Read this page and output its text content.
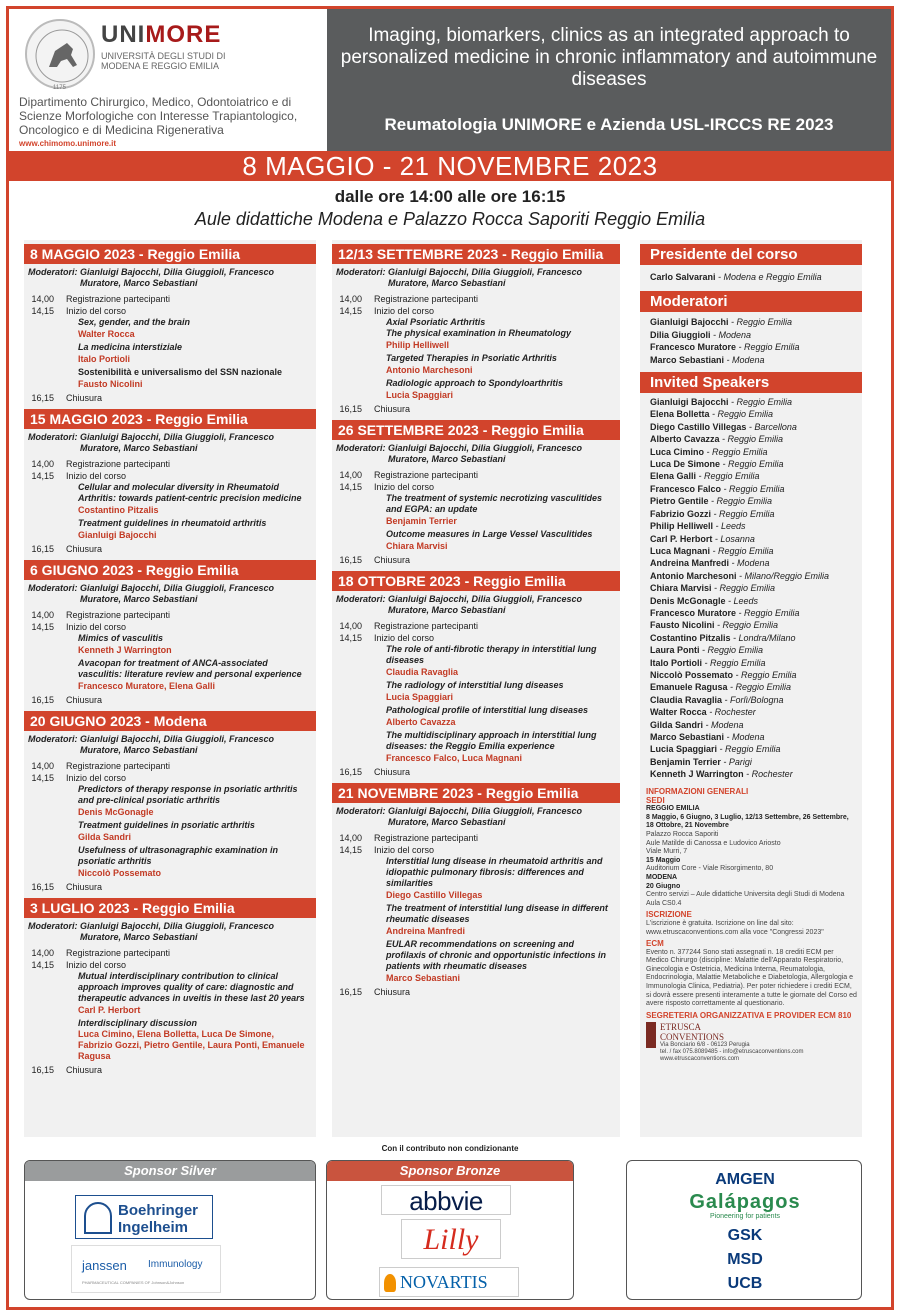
UNIMORE
UNIVERSITÀ DEGLI STUDI DI MODENA E REGGIO EMILIA
1175
Dipartimento Chirurgico, Medico, Odontoiatrico e di Scienze Morfologiche con Interesse Trapiantologico, Oncologico e di Medicina Rigenerativa
www.chimomo.unimore.it
Imaging, biomarkers, clinics as an integrated approach to personalized medicine in chronic inflammatory and autoimmune diseases
Reumatologia UNIMORE e Azienda USL-IRCCS RE 2023
8 MAGGIO - 21 NOVEMBRE 2023
dalle ore 14:00 alle ore 16:15
Aule didattiche Modena e Palazzo Rocca Saporiti Reggio Emilia
8 MAGGIO 2023 - Reggio Emilia
Moderatori: Gianluigi Bajocchi, Dilia Giuggioli, Francesco Muratore, Marco Sebastiani
14,00	Registrazione partecipanti
14,15	Inizio del corso
Sex, gender, and the brain
Walter Rocca
La medicina interstiziale
Italo Portioli
Sostenibilità e universalismo del SSN nazionale
Fausto Nicolini
16,15	Chiusura
15 MAGGIO 2023 - Reggio Emilia
Moderatori: Gianluigi Bajocchi, Dilia Giuggioli, Francesco Muratore, Marco Sebastiani
14,00	Registrazione partecipanti
14,15	Inizio del corso
Cellular and molecular diversity in Rheumatoid Arthritis: towards patient-centric precision medicine
Costantino Pitzalis
Treatment guidelines in rheumatoid arthritis
Gianluigi Bajocchi
16,15	Chiusura
6 GIUGNO 2023 - Reggio Emilia
Moderatori: Gianluigi Bajocchi, Dilia Giuggioli, Francesco Muratore, Marco Sebastiani
14,00	Registrazione partecipanti
14,15	Inizio del corso
Mimics of vasculitis
Kenneth J Warrington
Avacopan for treatment of ANCA-associated vasculitis: literature review and personal experience
Francesco Muratore, Elena Galli
16,15	Chiusura
20 GIUGNO 2023 - Modena
Moderatori: Gianluigi Bajocchi, Dilia Giuggioli, Francesco Muratore, Marco Sebastiani
14,00	Registrazione partecipanti
14,15	Inizio del corso
Predictors of therapy response in psoriatic arthritis and pre-clinical psoriatic arthritis
Denis McGonagle
Treatment guidelines in psoriatic arthritis
Gilda Sandri
Usefulness of ultrasonagraphic examination in psoriatic arthritis
Niccolò Possemato
16,15	Chiusura
3 LUGLIO 2023 - Reggio Emilia
Moderatori: Gianluigi Bajocchi, Dilia Giuggioli, Francesco Muratore, Marco Sebastiani
14,00	Registrazione partecipanti
14,15	Inizio del corso
Mutual interdisciplinary contribution to clinical approach improves quality of care: diagnostic and therapeutic advances in uveitis in these last 20 years
Carl P. Herbort
Interdisciplinary discussion
Luca Cimino, Elena Bolletta, Luca De Simone, Fabrizio Gozzi, Pietro Gentile, Laura Ponti, Emanuele Ragusa
16,15	Chiusura
12/13 SETTEMBRE 2023 - Reggio Emilia
Moderatori: Gianluigi Bajocchi, Dilia Giuggioli, Francesco Muratore, Marco Sebastiani
14,00	Registrazione partecipanti
14,15	Inizio del corso
Axial Psoriatic Arthritis
The physical examination in Rheumatology
Philip Helliwell
Targeted Therapies in Psoriatic Arthritis
Antonio Marchesoni
Radiologic approach to Spondyloarthritis
Lucia Spaggiari
16,15	Chiusura
26 SETTEMBRE 2023 - Reggio Emilia
Moderatori: Gianluigi Bajocchi, Dilia Giuggioli, Francesco Muratore, Marco Sebastiani
14,00	Registrazione partecipanti
14,15	Inizio del corso
The treatment of systemic necrotizing vasculitides and EGPA: an update
Benjamin Terrier
Outcome measures in Large Vessel Vasculitides
Chiara Marvisi
16,15	Chiusura
18 OTTOBRE 2023 - Reggio Emilia
Moderatori: Gianluigi Bajocchi, Dilia Giuggioli, Francesco Muratore, Marco Sebastiani
14,00	Registrazione partecipanti
14,15	Inizio del corso
The role of anti-fibrotic therapy in interstitial lung diseases
Claudia Ravaglia
The radiology of interstitial lung diseases
Lucia Spaggiari
Pathological profile of interstitial lung diseases
Alberto Cavazza
The multidisciplinary approach in interstitial lung diseases: the Reggio Emilia experience
Francesco Falco, Luca Magnani
16,15	Chiusura
21 NOVEMBRE 2023 - Reggio Emilia
Moderatori: Gianluigi Bajocchi, Dilia Giuggioli, Francesco Muratore, Marco Sebastiani
14,00	Registrazione partecipanti
14,15	Inizio del corso
Interstitial lung disease in rheumatoid arthritis and idiopathic pulmonary fibrosis: differences and similarities
Diego Castillo Villegas
The treatment of interstitial lung disease in different rheumatic diseases
Andreina Manfredi
EULAR recommendations on screening and profilaxis of chronic and opportunistic infections in patients with rheumatic diseases
Marco Sebastiani
16,15	Chiusura
Presidente del corso
Carlo Salvarani - Modena e Reggio Emilia
Moderatori
Gianluigi Bajocchi - Reggio Emilia
Dilia Giuggioli - Modena
Francesco Muratore - Reggio Emilia
Marco Sebastiani - Modena
Invited Speakers
Gianluigi Bajocchi - Reggio Emilia
Elena Bolletta - Reggio Emilia
Diego Castillo Villegas - Barcellona
Alberto Cavazza - Reggio Emilia
Luca Cimino - Reggio Emilia
Luca De Simone - Reggio Emilia
Elena Galli - Reggio Emilia
Francesco Falco - Reggio Emilia
Pietro Gentile - Reggio Emilia
Fabrizio Gozzi - Reggio Emilia
Philip Helliwell - Leeds
Carl P. Herbort - Losanna
Luca Magnani - Reggio Emilia
Andreina Manfredi - Modena
Antonio Marchesoni - Milano/Reggio Emilia
Chiara Marvisi - Reggio Emilia
Denis McGonagle - Leeds
Francesco Muratore - Reggio Emilia
Fausto Nicolini - Reggio Emilia
Costantino Pitzalis - Londra/Milano
Laura Ponti - Reggio Emilia
Italo Portioli - Reggio Emilia
Niccolò Possemato - Reggio Emilia
Emanuele Ragusa - Reggio Emilia
Claudia Ravaglia - Forlì/Bologna
Walter Rocca - Rochester
Gilda Sandri - Modena
Marco Sebastiani - Modena
Lucia Spaggiari - Reggio Emilia
Benjamin Terrier - Parigi
Kenneth J Warrington - Rochester
INFORMAZIONI GENERALI
SEDI
REGGIO EMILIA
8 Maggio, 6 Giugno, 3 Luglio, 12/13 Settembre, 26 Settembre, 18 Ottobre, 21 Novembre
Palazzo Rocca Saporiti
Aule Matilde di Canossa e Ludovico Ariosto
Viale Murri, 7
15 Maggio
Auditorium Core - Viale Risorgimento, 80
MODENA
20 Giugno
Centro servizi – Aule didattiche Universita degli Studi di Modena Aula CS0.4
ISCRIZIONE
L'iscrizione è gratuita. Iscrizione on line dal sito: www.etruscaconventions.com alla voce "Congressi 2023"
ECM
Evento n. 377244 Sono stati assegnati n. 18 crediti ECM per Medico Chirurgo (discipline: Malattie dell'Apparato Respiratorio, Ginecologia e Ostetricia, Medicina Interna, Reumatologia, Endocrinologia, Malattie Metaboliche e Diabetologia, Allergologia e Immunologia Clinica, Pediatria). Per poter richiedere i crediti ECM, si dovrà essere presenti interamente a tutte le giornate del Corso ed avere risposto correttamente al questionario.
SEGRETERIA ORGANIZZATIVA E PROVIDER ECM 810
ETRUSCA
CONVENTIONS
Via Bonciario 6/8 - 06123 Perugia
tel. / fax 075.8089485 - info@etruscaconventions.com
www.etruscaconventions.com
Con il contributo non condizionante
Sponsor Silver
Boehringer
Ingelheim
janssen Immunology
PHARMACEUTICAL COMPANIES OF Johnson&Johnson
Sponsor Bronze
abbvie
Lilly
NOVARTIS
AMGEN
Galápagos
Pioneering for patients
GSK
MSD
UCB
